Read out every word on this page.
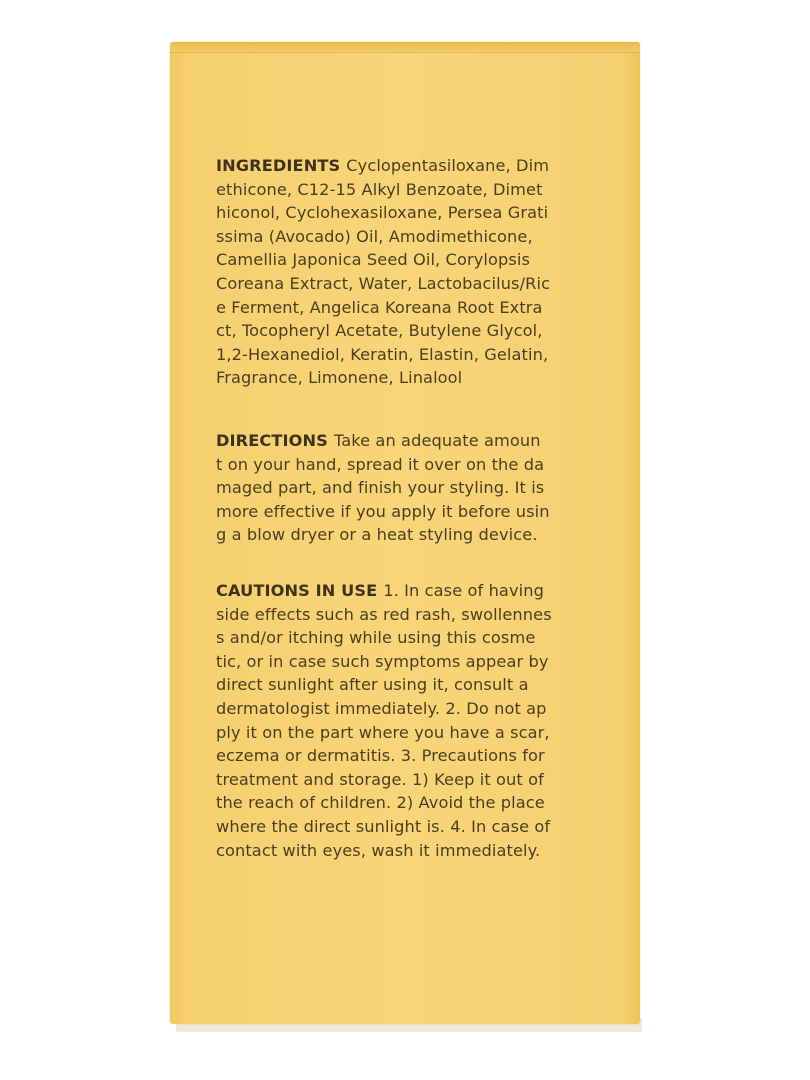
INGREDIENTS Cyclopentasiloxane, Dim
ethicone, C12-15 Alkyl Benzoate, Dimet
hiconol, Cyclohexasiloxane, Persea Grati
ssima (Avocado) Oil, Amodimethicone,
Camellia Japonica Seed Oil, Corylopsis
Coreana Extract, Water, Lactobacilus/Ric
e Ferment, Angelica Koreana Root Extra
ct, Tocopheryl Acetate, Butylene Glycol,
1,2-Hexanediol, Keratin, Elastin, Gelatin,
Fragrance, Limonene, Linalool
DIRECTIONS Take an adequate amoun
t on your hand, spread it over on the da
maged part, and finish your styling. It is
more effective if you apply it before usin
g a blow dryer or a heat styling device.
CAUTIONS IN USE 1. In case of having
side effects such as red rash, swollennes
s and/or itching while using this cosme
tic, or in case such symptoms appear by
direct sunlight after using it, consult a
dermatologist immediately. 2. Do not ap
ply it on the part where you have a scar,
eczema or dermatitis. 3. Precautions for
treatment and storage. 1) Keep it out of
the reach of children. 2) Avoid the place
where the direct sunlight is. 4. In case of
contact with eyes, wash it immediately.
